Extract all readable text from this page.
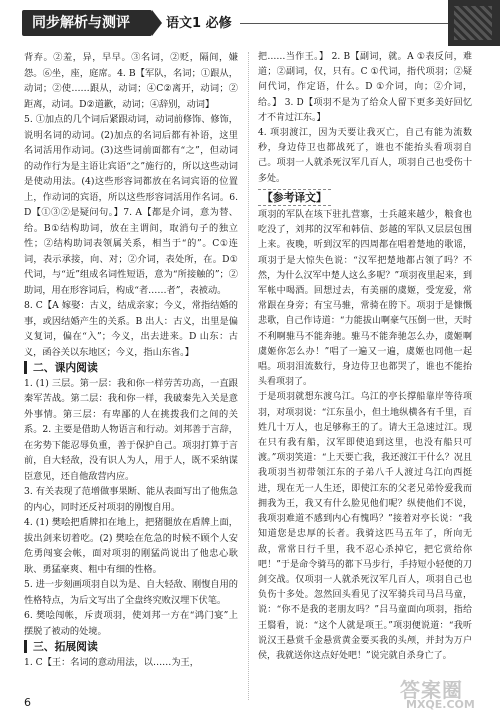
同步解析与测评	语文1 必修

背弃。②羞，异，早早。③名词，②贬，隔间，嫌怨。⑥坐，座，庭席。4. B【军队，名词；①跟从，动词；②使……跟从，动词；④C②离开，动词；②距离，动词。D②道歉，动词；④辞别，动词】

5. ①加点的几个词后紧跟动词，动词前修饰、修饰，说明名词的动词。(2)加点的名词后都有补语，这里名词活用作动词。(3)这些词前面都有“之”，但动词的动作行为是主语让宾语“之”施行的，所以这些动词是使动用法。(4)这些形容词都放在名词宾语的位置上，作动词的宾语，所以这些形容词活用作名词。6. D【①③②是疑问句。】7. A【都是介词，意为替、给。B①结构助词，放在主谓间，取消句子的独立性；②结构助词表领属关系，相当于“的”。C①连词，表示承接，向、对；②介词，表处所，在。D①代词，与“近”组成名词性短语，意为“所接触的”；②助词，用在形容词后，构成“者……者”，表被动。

8. C【A 嫁娶：古义，结成亲家；今义，常指结婚的事，或因结婚产生的关系。B 出人：古义，出里是偏义复词，偏在“入”；今义，出去进来。D 山东：古义，函谷关以东地区；今义，指山东省。】

二、课内阅读

1. (1) 三层。第一层：我和你一样劳苦功高，一直跟秦军苦战。第二层：我和你一样，我破秦先入关是意外事情。第三层：有卑鄙的人在挑拨我们之间的关系。2. 主要是借助人物语言和行动。刘邦善于言辞，在劣势下能忍辱负重，善于保护自己。项羽打算于言前，自大轻敌，没有识人为人，用于人，既不采纳谋臣意见，还自他敌营内应。

3. 有关表现了范增做事果断、能从表面写出了他焦急的内心，同时还反衬项羽的刚愎自用。

4. (1) 樊哙把盾牌扣在地上，把猪腿放在盾牌上面，拔出剑来切着吃。(2) 樊哙在危急的时候不顾个人安危勇闯宴会帐，面对项羽的刚猛尚说出了他忠心耿耿、勇猛豪爽、粗中有细的性格。

5. 进一步刻画项羽自以为是、自大轻敌、刚愎自用的性格特点，为后文写出了全盘终究败汉埋下伏笔。

6. 樊哙闯帐，斥责项羽，使刘邦一方在“鸿门宴”上摆脱了被动的处境。

三、拓展阅读

1. C【王：名词的意动用法，以……为王，

把……当作王。】 2. B【副词，就。A ①表反问，难道；②副词，仅，只有。C ①代词，指代项羽；②疑问代词，作定语，什么。D ①介词，向；②介词，给。】 3. D【项羽不是为了给众人留下更多美好回忆才不肯过江东。】

4. 项羽渡江，因为天要让我灭亡，自己有能为流数秒，身边侍卫也都战死了，谁也不能抬头看项羽自己。项羽一人就杀死汉军几百人，项羽自己也受伤十多处。

【参考译文】

项羽的军队在垓下驻扎营寨，士兵越来越少，粮食也吃没了，刘邦的汉军和韩信、彭越的军队又层层包围上来。夜晚，听到汉军的四周都在唱着楚地的歌谣，项羽于是大惊失色说：“汉军把楚地都占领了吗？不然，为什么汉军中楚人这么多呢？”项羽夜里起来，到军帐中喝酒。回想过去，有美丽的虞姬，受宠爱，常常跟在身旁；有宝马骓，常骑在胯下。项羽于是慷慨悲歌，自己作诗道：“力能拔山啊豪气压倒一世，天时不利啊骓马不能奔驰。骓马不能奔驰怎么办，虞姬啊虞姬你怎么办！”唱了一遍又一遍，虞姬也同他一起唱。项羽泪流数行，身边侍卫也都哭了，谁也不能抬头看项羽了。

于是项羽就想东渡乌江。乌江的亭长撑船靠岸等待项羽，对项羽说：“江东虽小，但土地纵横各有千里，百姓几十万人，也足够称王的了。请大王急速过江。现在只有我有船，汉军即使追到这里，也没有船只可渡。”项羽笑道：“上天要亡我，我还渡江干什么？况且我项羽当初带领江东的子弟八千人渡过乌江向西挺进，现在无一人生还，即使江东的父老兄弟怜爱我而拥我为王，我又有什么脸见他们呢？纵使他们不说，我项羽难道不感到内心有愧吗？”接着对亭长说：“我知道您是忠厚的长者。我骑这匹马五年了，所向无敌，常常日行千里，我不忍心杀掉它，把它赏给你吧！”于是命令骑马的都下马步行，手持短小轻便的刀剑交战。仅项羽一人就杀死汉军几百人，项羽自己也负伤十多处。忽然回头看见了汉军骑兵司马吕马童，说：“你不是我的老朋友吗？”吕马童面向项羽，指给王翳看，说：“这个人就是项王。”项羽便说道：“我听说汉王悬赏千金悬赏黄金要买我的头颅，并封为万户侯，我就送你这点好处吧！”说完就自杀身亡了。

6
答案圈
MXQE.COM
